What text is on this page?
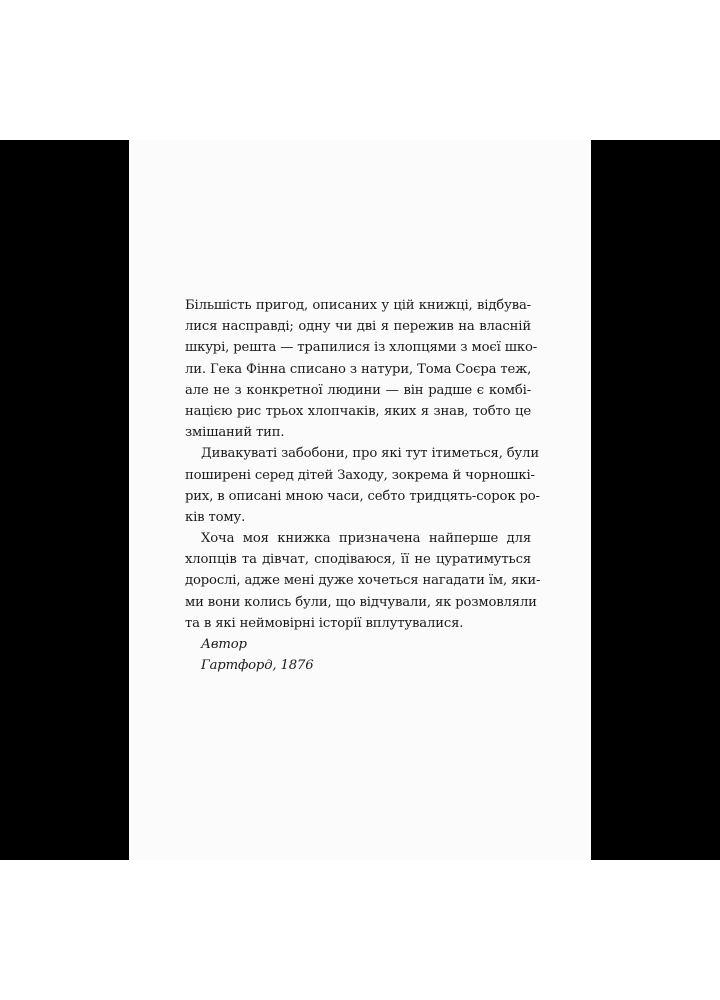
Більшість пригод, описаних у цій книжці, відбува-
лися насправді; одну чи дві я пережив на власній
шкурі, решта — трапилися із хлопцями з моєї шко-
ли. Гека Фінна списано з натури, Тома Соєра теж,
але не з конкретної людини — він радше є комбі-
нацією рис трьох хлопчаків, яких я знав, тобто це
змішаний тип.
Дивакуваті забобони, про які тут ітиметься, були
поширені серед дітей Заходу, зокрема й чорношкі-
рих, в описані мною часи, себто тридцять-сорок ро-
ків тому.
Хоча моя книжка призначена найперше для
хлопців та дівчат, сподіваюся, її не цуратимуться
дорослі, адже мені дуже хочеться нагадати їм, яки-
ми вони колись були, що відчували, як розмовляли
та в які неймовірні історії вплутувалися.
Автор
Гартфорд, 1876
